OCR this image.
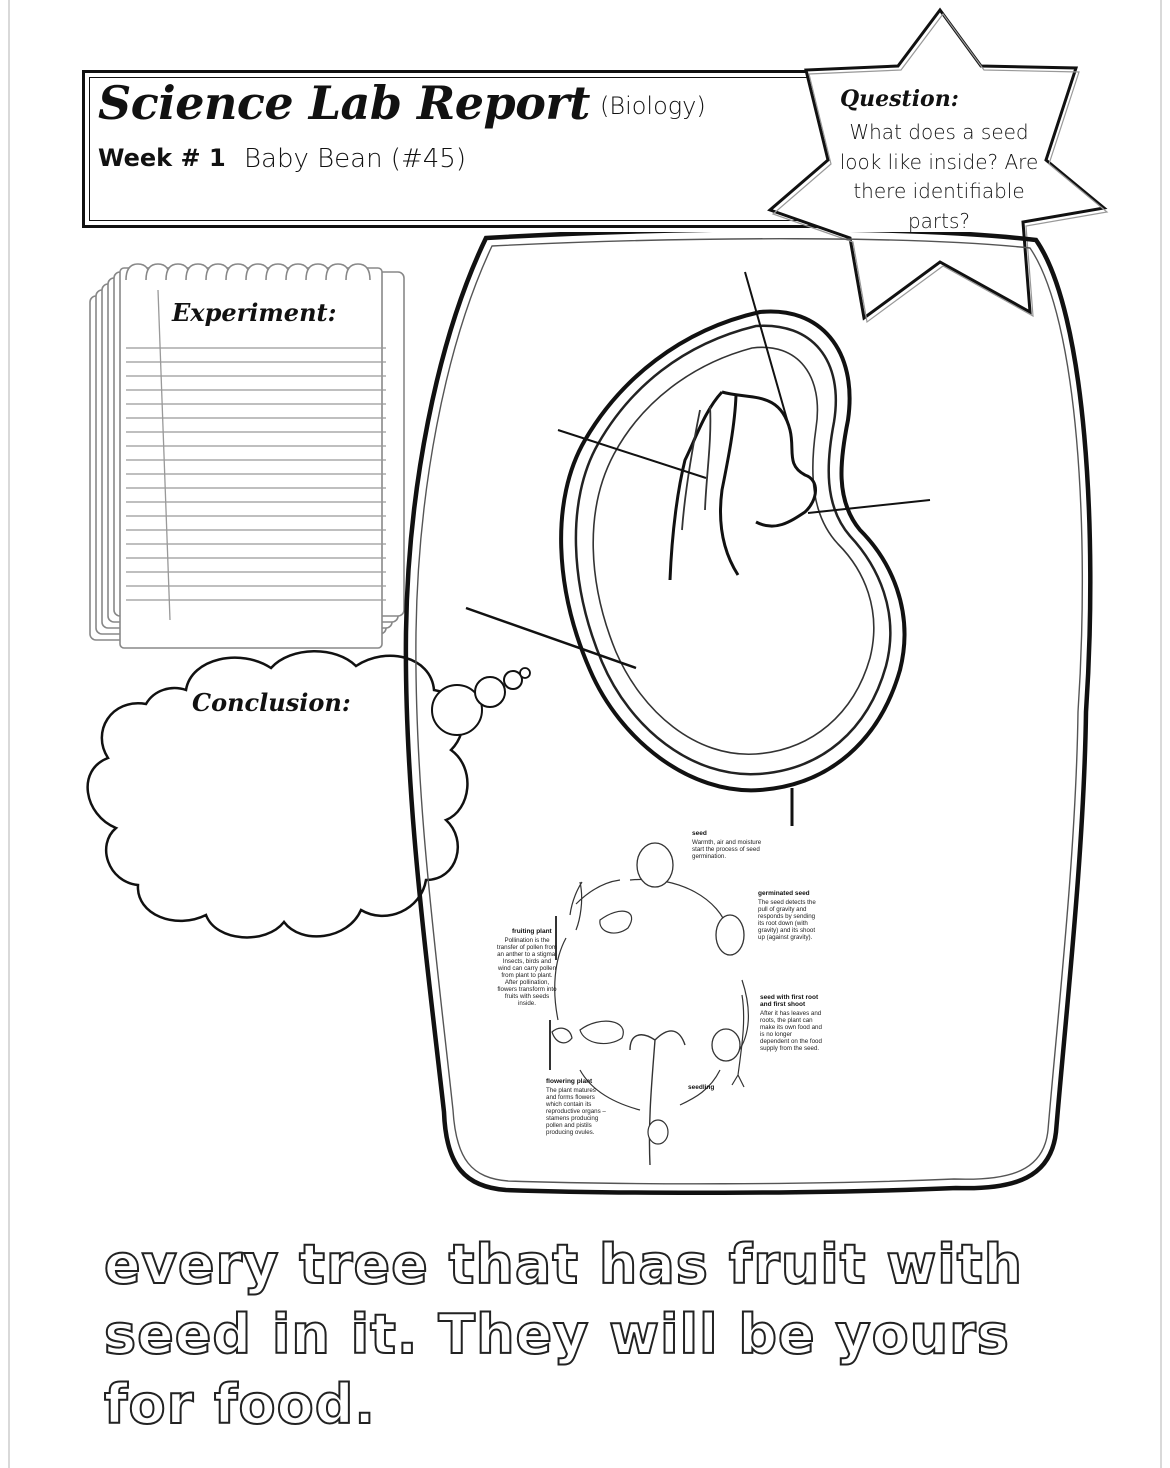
Science Lab Report (Biology)
Week # 1 Baby Bean (#45)
Question:
What does a seed look like inside? Are there identifiable parts?
Experiment:
Conclusion:
seed
Warmth, air and moisture start the process of seed germination.
germinated seed
The seed detects the pull of gravity and responds by sending its root down (with gravity) and its shoot up (against gravity).
seed with first root and first shoot
After it has leaves and roots, the plant can make its own food and is no longer dependent on the food supply from the seed.
seedling
flowering plant
The plant matures and forms flowers which contain its reproductive organs – stamens producing pollen and pistils producing ovules.
fruiting plant
Pollination is the transfer of pollen from an anther to a stigma. Insects, birds and wind can carry pollen from plant to plant. After pollination, flowers transform into fruits with seeds inside.
every tree that has fruit with seed in it. They will be yours for food.
